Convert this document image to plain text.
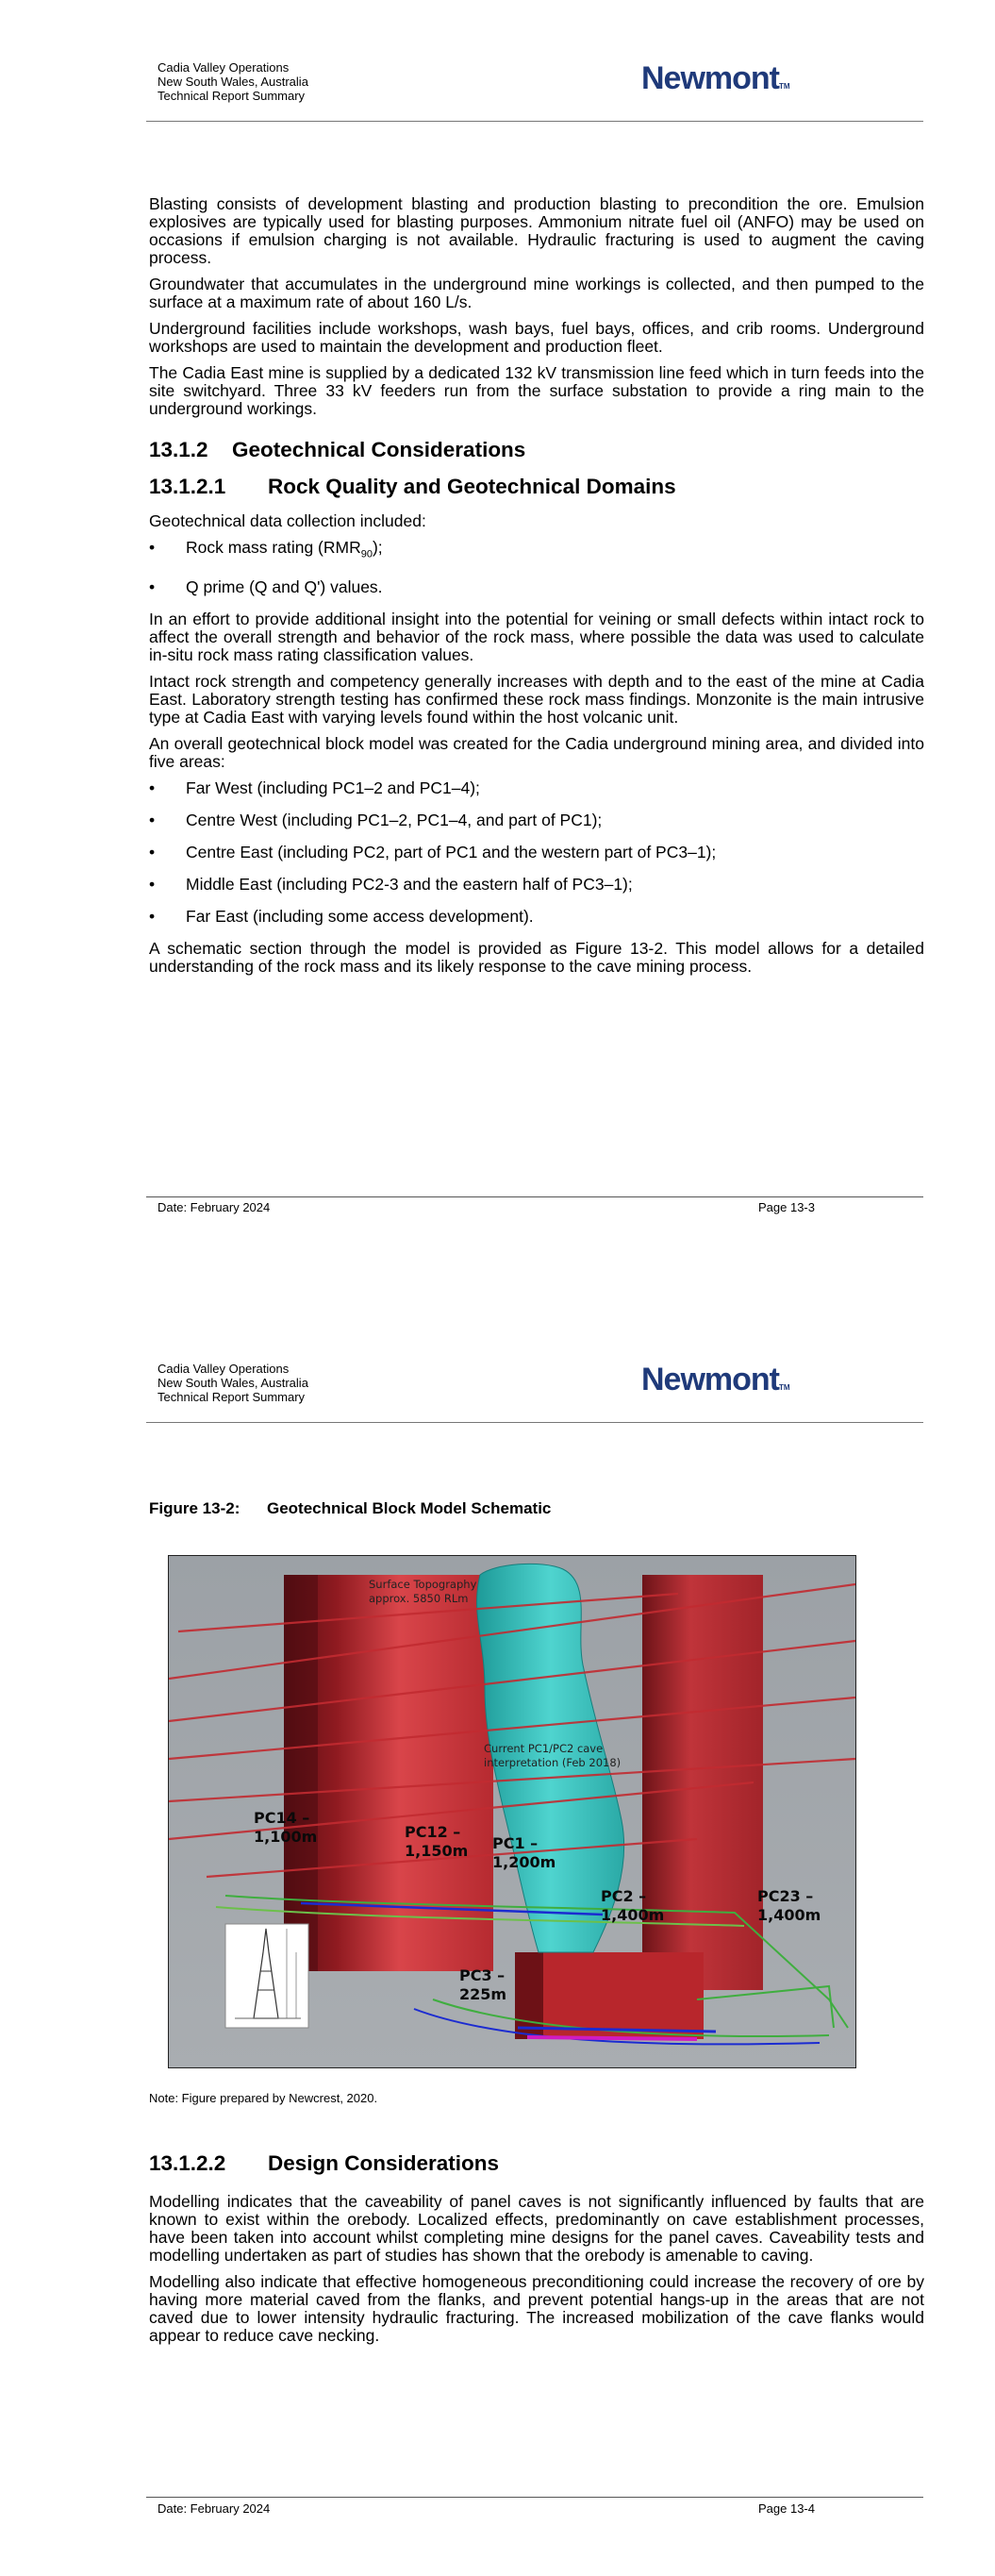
Cadia Valley Operations
New South Wales, Australia
Technical Report Summary	NewmontTM

Blasting consists of development blasting and production blasting to precondition the ore. Emulsion explosives are typically used for blasting purposes. Ammonium nitrate fuel oil (ANFO) may be used on occasions if emulsion charging is not available. Hydraulic fracturing is used to augment the caving process.

Groundwater that accumulates in the underground mine workings is collected, and then pumped to the surface at a maximum rate of about 160 L/s.

Underground facilities include workshops, wash bays, fuel bays, offices, and crib rooms. Underground workshops are used to maintain the development and production fleet.

The Cadia East mine is supplied by a dedicated 132 kV transmission line feed which in turn feeds into the site switchyard. Three 33 kV feeders run from the surface substation to provide a ring main to the underground workings.

13.1.2 Geotechnical Considerations
13.1.2.1 Rock Quality and Geotechnical Domains

Geotechnical data collection included:

• Rock mass rating $(RMR_{90})$;
• Q prime (Q and Q') values.

In an effort to provide additional insight into the potential for veining or small defects within intact rock to affect the overall strength and behavior of the rock mass, where possible the data was used to calculate in-situ rock mass rating classification values.

Intact rock strength and competency generally increases with depth and to the east of the mine at Cadia East. Laboratory strength testing has confirmed these rock mass findings. Monzonite is the main intrusive type at Cadia East with varying levels found within the host volcanic unit.

An overall geotechnical block model was created for the Cadia underground mining area, and divided into five areas:

• Far West (including PC1–2 and PC1–4);
• Centre West (including PC1–2, PC1–4, and part of PC1);
• Centre East (including PC2, part of PC1 and the western part of PC3–1);
• Middle East (including PC2-3 and the eastern half of PC3–1);
• Far East (including some access development).

A schematic section through the model is provided as Figure 13-2. This model allows for a detailed understanding of the rock mass and its likely response to the cave mining process.

Date: February 2024	Page 13-3
Cadia Valley Operations
New South Wales, Australia
Technical Report Summary	NewmontTM
Figure 13-2: Geotechnical Block Model Schematic
Surface Topography
approx. 5850 RLm
Current PC1/PC2 cave
interpretation (Feb 2018)
PC14 –
1,100m	PC12 –
1,150m PC1 –
1,200m
PC2 –
1,400m
PC23 –
1,400m
PC3 –
225m
Note: Figure prepared by Newcrest, 2020.
13.1.2.2 Design Considerations

Modelling indicates that the caveability of panel caves is not significantly influenced by faults that are known to exist within the orebody. Localized effects, predominantly on cave establishment processes, have been taken into account whilst completing mine designs for the panel caves. Caveability tests and modelling undertaken as part of studies has shown that the orebody is amenable to caving.

Modelling also indicate that effective homogeneous preconditioning could increase the recovery of ore by having more material caved from the flanks, and prevent potential hangs-up in the areas that are not caved due to lower intensity hydraulic fracturing. The increased mobilization of the cave flanks would appear to reduce cave necking.

Date: February 2024	Page 13-4
